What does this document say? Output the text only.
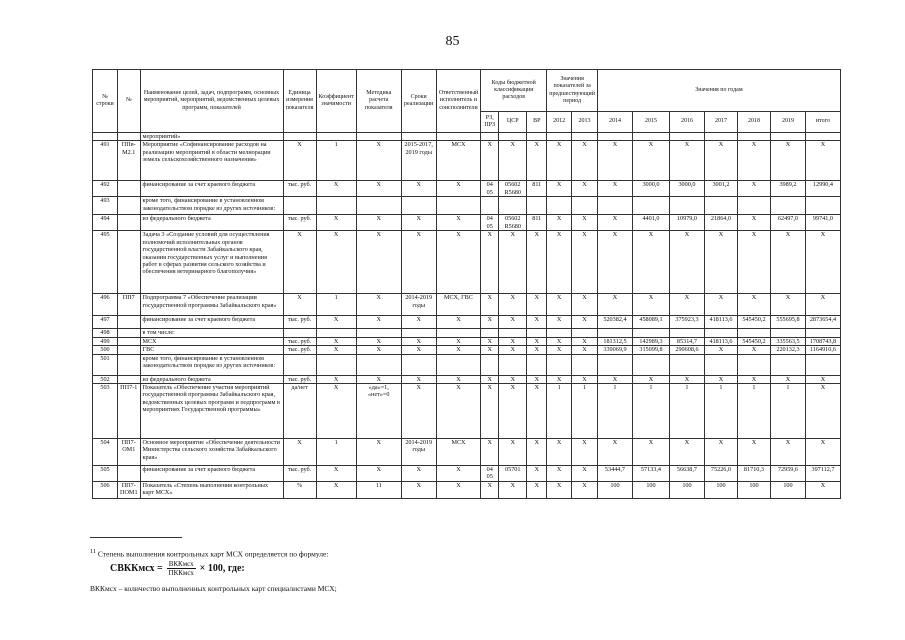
85
№ строки	№	Наименование целей, задач, подпрограмм, основных мероприятий, мероприятий, ведомственных целевых программ, показателей	Единица измерения показателя	Коэффициент значимости	Методика расчета показателя	Сроки реализации	Ответственный исполнитель и соисполнители	Коды бюджетной классификации расходов			Значения показателей за предшествующий период		Значения по годам						
								РЗ, ПРЗ	ЦСР	ВР	2012	2013	2014	2015	2016	2017	2018	2019	итого
		мероприятий»																	
491	ППв-М2.1	Мероприятие «Софинансирование расходов на реализацию мероприятий в области мелиорации земель сельскохозяйственного назначения»	Х	1	Х	2015-2017, 2019 годы	МСХ	Х	Х	Х	Х	Х	Х	Х	Х	Х	Х	Х	Х
492		финансирование за счет краевого бюджета	тыс. руб.	Х	Х	Х	Х	04 05	05602 R5680	811	Х	Х	Х	3000,0	3000,0	3001,2	Х	3989,2	12990,4
493		кроме того, финансирование в установленном законодательством порядке из других источников:																	
494		из федерального бюджета	тыс. руб.	Х	Х	Х	Х	04 05	05602 R5680	811	Х	Х	Х	4401,0	10979,0	21864,0	Х	62497,0	99741,0
495		Задача 3 «Создание условий для осуществления полномочий исполнительных органов государственной власти Забайкальского края, оказания государственных услуг и выполнения работ в сферах развития сельского хозяйства и обеспечения ветеринарного благополучия»	Х	Х	Х	Х	Х	Х	Х	Х	Х	Х	Х	Х	Х	Х	Х	Х	Х
496	ПП7	Подпрограмма 7 «Обеспечение реализации государственной программы Забайкальского края»	Х	1	Х	2014-2019 годы	МСХ, ГВС	Х	Х	Х	Х	Х	Х	Х	Х	Х	Х	Х	Х
497		финансирование за счет краевого бюджета	тыс. руб.	Х	Х	Х	Х	Х	Х	Х	Х	Х	520382,4	458089,1	375923,3	418113,6	545450,2	555695,8	2873654,4
498		в том числе:																	
499		МСХ	тыс. руб.	Х	Х	Х	Х	Х	Х	Х	Х	Х	181312,5	142989,3	85314,7	418113,6	545450,2	335563,5	1708743,8
500		ГВС	тыс. руб.	Х	Х	Х	Х	Х	Х	Х	Х	Х	339069,9	315099,8	290608,6	Х	Х	220132,3	1164910,6
501		кроме того, финансирование в установленном законодательством порядке из других источников:																	
502		из федерального бюджета	тыс. руб.	Х	Х	Х	Х	Х	Х	Х	Х	Х	Х	Х	Х	Х	Х	Х	Х
503	ПП7-1	Показатель «Обеспечение участия мероприятий государственной программы Забайкальского края, ведомственных целевых программ и подпрограмм в мероприятиях Государственной программы»	да/нет	Х	«да»=1, «нет»=0	Х	Х	Х	Х	Х	1	1	1	1	1	1	1	1	Х
504	ПП7-ОМ1	Основное мероприятие «Обеспечение деятельности Министерства сельского хозяйства Забайкальского края»	Х	1	Х	2014-2019 годы	МСХ	Х	Х	Х	Х	Х	Х	Х	Х	Х	Х	Х	Х
505		финансирование за счет краевого бюджета	тыс. руб.	Х	Х	Х	Х	04 05	05701	Х	Х	Х	53444,7	57133,4	56638,7	75226,0	81710,3	72959,6	397112,7
506	ПП7-ПОМ1	Показатель «Степень выполнения контрольных карт МСХ»	%	Х	11	Х	Х	Х	Х	Х	Х	Х	100	100	100	100	100	100	Х
$^{11}$ Степень выполнения контрольных карт МСХ определяется по формуле:
СВККмсх = $\frac{\text{ВККмсх}}{\text{ПККмсх}} \times 100$, где:
ВККмсх – количество выполненных контрольных карт специалистами МСХ;
